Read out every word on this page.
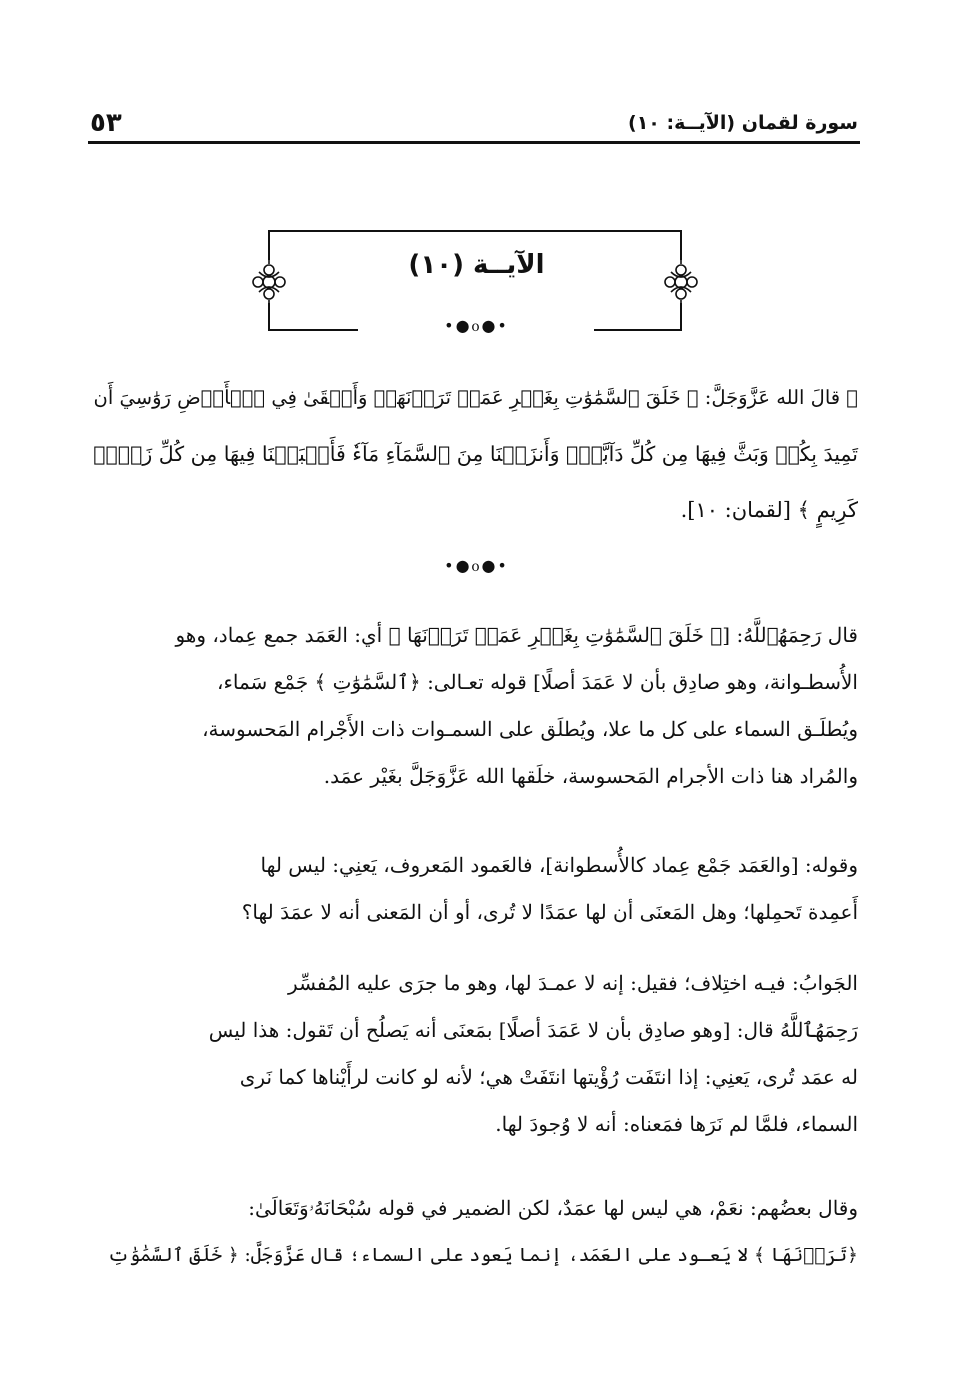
سورة لقمان (الآيــة: ١٠)
٥٣
الآيــة (١٠)
•●ᦞ●•
۞ قالَ الله عَزَّوَجَلَّ: ﴿ خَلَقَ ٱلسَّمَٰوَٰتِ بِغَيۡرِ عَمَدٖ تَرَوۡنَهَاۖ وَأَلۡقَىٰ فِي ٱلۡأَرۡضِ رَوَٰسِيَ أَن
تَمِيدَ بِكُمۡ وَبَثَّ فِيهَا مِن كُلِّ دَآبَّةٖۚ وَأَنزَلۡنَا مِنَ ٱلسَّمَآءِ مَآءٗ فَأَنۢبَتۡنَا فِيهَا مِن كُلِّ زَوۡجٖ
كَرِيمٍ ﴾ [لقمان: ١٠].
•●ᦞ●•
قال رَحِمَهُٱللَّهُ: [﴿ خَلَقَ ٱلسَّمَٰوَٰتِ بِغَيۡرِ عَمَدٖ تَرَوۡنَهَا ﴾ أي: العَمَد جمع عِماد، وهو
الأُسطـوانة، وهو صادِق بأن لا عَمَدَ أصلًا] قوله تعـالى: ﴿ٱلسَّمَٰوَٰتِ ﴾ جَمْع سَماء،
ويُطلَـق السماء على كل ما علا، ويُطلَق على السمـوات ذات الأَجْرام المَحسوسة،
والمُراد هنا ذات الأجرام المَحسوسة، خلَقها الله عَزَّوَجَلَّ بغَيْر عمَد.
وقوله: [والعَمَد جَمْع عِماد كالأُسطوانة]، فالعَمود المَعروف، يَعنِي: ليس لها
أَعمِدة تَحمِلها؛ وهل المَعنَى أن لها عمَدًا لا تُرى، أو أن المَعنى أنه لا عمَدَ لها؟
الجَوابُ: فيـه اختِلاف؛ فقيل: إنه لا عمـدَ لها، وهو ما جرَى عليه المُفسِّر
رَحِمَهُٱللَّهُ قال: [وهو صادِق بأن لا عَمَدَ أصلًا] بمَعنَى أنه يَصلُح أن تَقول: هذا ليس
له عمَد تُرى، يَعنِي: إذا انتَفَت رُؤْيتها انتَفَتْ هي؛ لأنه لو كانت لرأَيْناها كما نَرى
السماء، فلمَّا لم نَرَها فمَعناه: أنه لا وُجودَ لها.
وقال بعضُهم: نعَمْ، هي ليس لها عمَدٌ، لكن الضمير في قوله سُبْحَانَهُۥوَتَعَالَىٰ:
﴿تَرَوۡنَهَا ﴾ لا يَعـود على العَمَد، إنما يَعود على السماء؛ قال عَزَّوَجَلَّ: ﴿ خَلَقَ ٱلسَّمَٰوَٰتِ
